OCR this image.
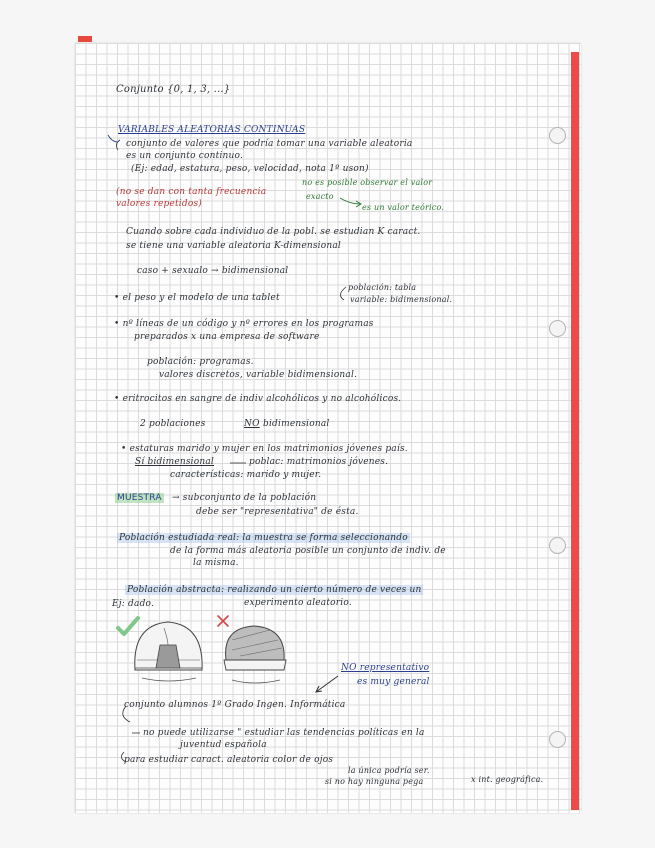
Conjunto {0, 1, 3, ...}
VARIABLES ALEATORIAS CONTINUAS
conjunto de valores que podría tomar una variable aleatoria
es un conjunto continuo.
(Ej: edad, estatura, peso, velocidad, nota 1º uson)
no es posible observar el valor
(no se dan con tanta frecuencia
valores repetidos)
exacto
es un valor teórico.
Cuando sobre cada individuo de la pobl. se estudian K caract.
se tiene una variable aleatoria K-dimensional
caso + sexualo → bidimensional
población: tabla
• el peso y el modelo de una tablet	variable: bidimensional.
• nº líneas de un código y nº errores en los programas
preparados x una empresa de software
población: programas.
valores discretos, variable bidimensional.
• eritrocitos en sangre de indiv alcohólicos y no alcohólicos.
2 poblaciones	NO bidimensional
• estaturas marido y mujer en los matrimonios jóvenes país.
Sí bidimensional	poblac: matrimonios jóvenes.
características: marido y mujer.
MUESTRA → subconjunto de la población
debe ser "representativa" de ésta.
Población estudiada real: la muestra se forma seleccionando
de la forma más aleatoria posible un conjunto de indiv. de
la misma.
Población abstracta: realizando un cierto número de veces un
Ej: dado.	experimento aleatorio.
NO representativo
es muy general
conjunto alumnos 1º Grado Ingen. Informática
no puede utilizarse " estudiar las tendencias políticas en la
juventud española
para estudiar caract. aleatoria color de ojos
la única podría ser.
si no hay ninguna pega	x int. geográfica.
